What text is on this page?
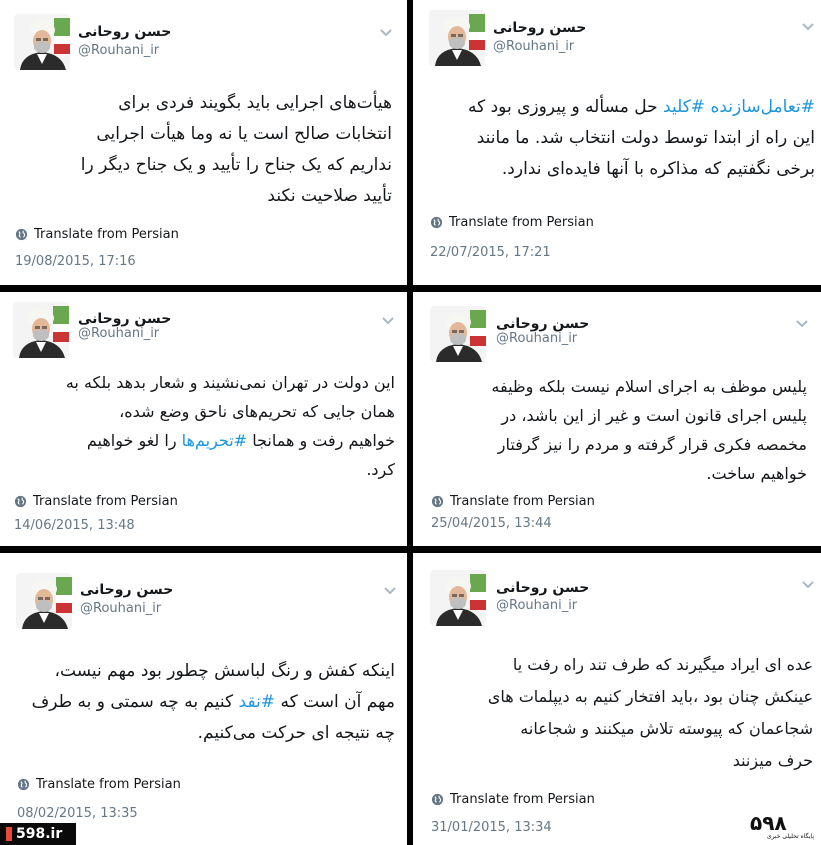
حسن روحانی
@Rouhani_ir

هیأت‌های اجرایی باید بگویند فردی برای

انتخابات صالح است یا نه وما هیأت اجرایی

نداریم که یک جناح را تأیید و یک جناح دیگر را

تأیید صلاحیت نکند

Translate from Persian
19/08/2015, 17:16
حسن روحانی
@Rouhani_ir

#تعامل‌سازنده #کلید حل مسأله و پیروزی بود که

این راه از ابتدا توسط دولت انتخاب شد. ما مانند

برخی نگفتیم که مذاکره با آنها فایده‌ای ندارد.

Translate from Persian
22/07/2015, 17:21
حسن روحانی
@Rouhani_ir

این دولت در تهران نمی‌نشیند و شعار بدهد بلکه به

همان جایی که تحریم‌های ناحق وضع شده،

خواهیم رفت و همانجا #تحریم‌ها را لغو خواهیم

کرد.

Translate from Persian
14/06/2015, 13:48
حسن روحانی
@Rouhani_ir

پلیس موظف به اجرای اسلام نیست بلکه وظیفه

پلیس اجرای قانون است و غیر از این باشد، در

مخمصه فکری قرار گرفته و مردم را نیز گرفتار

خواهیم ساخت.

Translate from Persian
25/04/2015, 13:44
حسن روحانی
@Rouhani_ir

اینکه کفش و رنگ لباسش چطور بود مهم نیست،

مهم آن است که #نقد کنیم به چه سمتی و به طرف

چه نتیجه ای حرکت می‌کنیم.

Translate from Persian
08/02/2015, 13:35
حسن روحانی
@Rouhani_ir

عده ای ایراد میگیرند که طرف تند راه رفت یا

عینکش چنان بود ،باید افتخار کنیم به دیپلمات های

شجاعمان که پیوسته تلاش میکنند و شجاعانه

حرف میزنند

Translate from Persian
31/01/2015, 13:34
598.ir	۵۹۸
پایگاه تحلیلی خبری
